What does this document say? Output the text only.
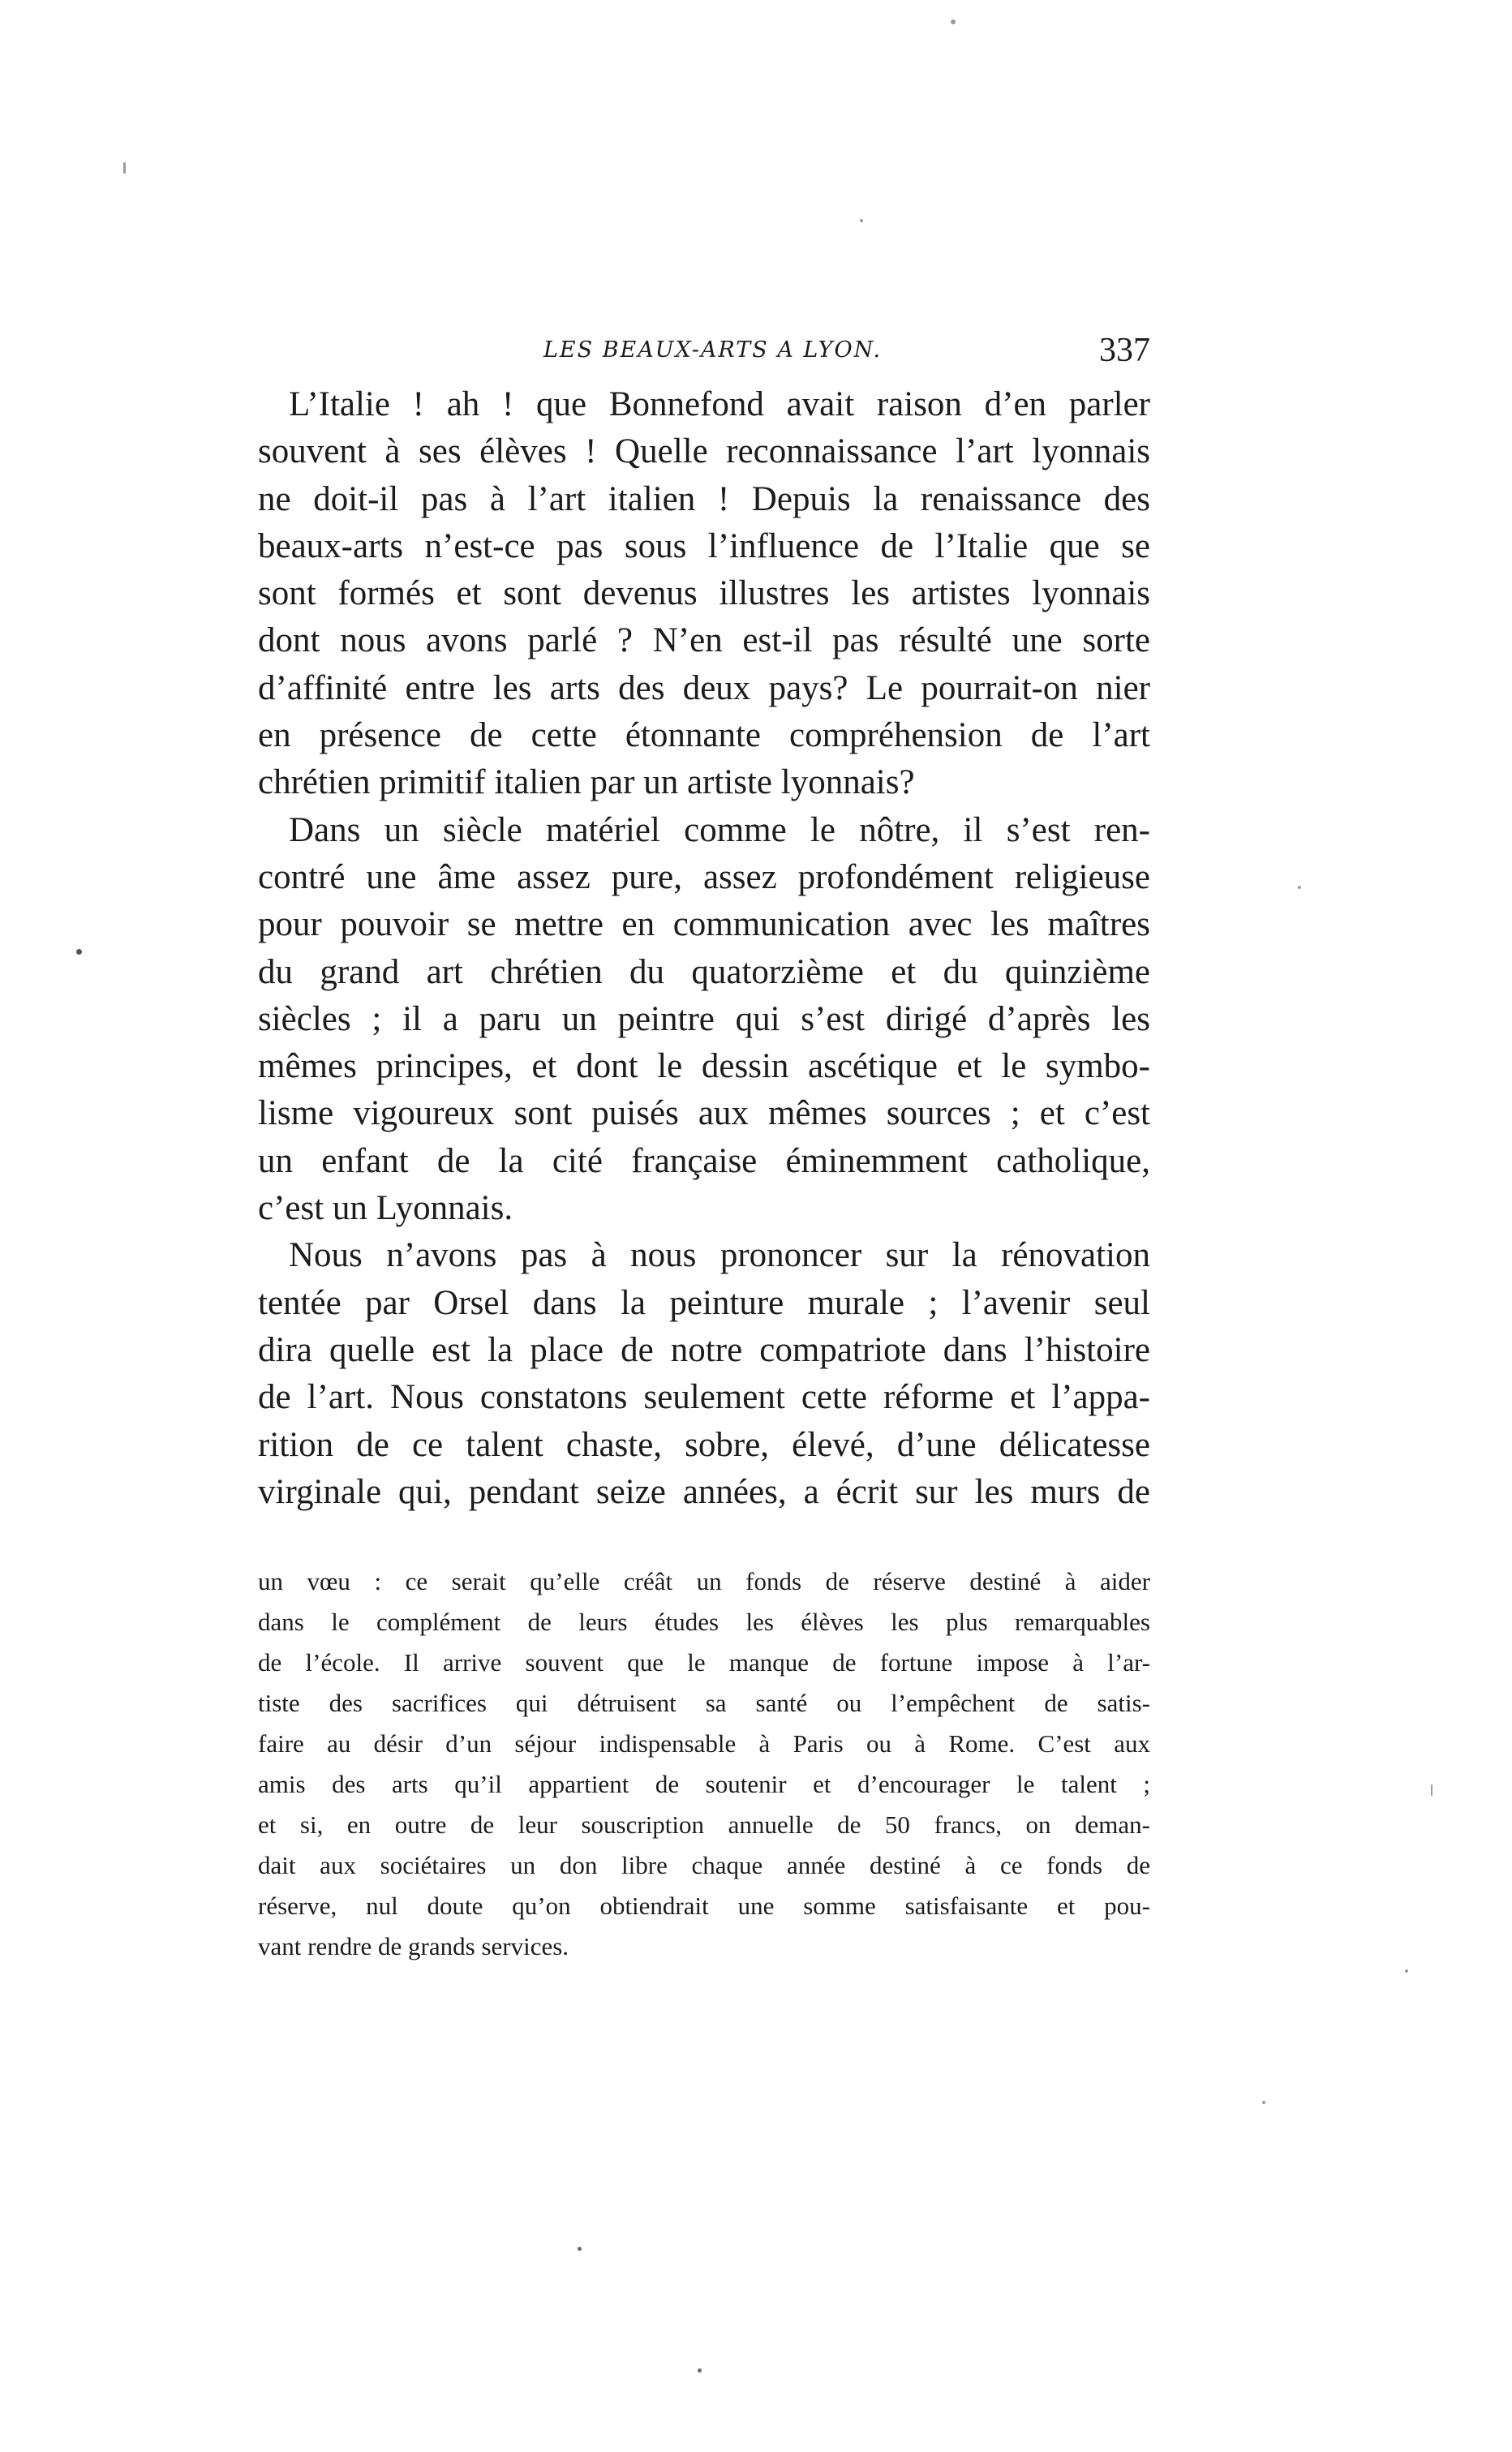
LES BEAUX-ARTS A LYON.	337
L’Italie ! ah ! que Bonnefond avait raison d’en parler
souvent à ses élèves ! Quelle reconnaissance l’art lyonnais
ne doit-il pas à l’art italien ! Depuis la renaissance des
beaux-arts n’est-ce pas sous l’influence de l’Italie que se
sont formés et sont devenus illustres les artistes lyonnais
dont nous avons parlé ? N’en est-il pas résulté une sorte
d’affinité entre les arts des deux pays? Le pourrait-on nier
en présence de cette étonnante compréhension de l’art
chrétien primitif italien par un artiste lyonnais?
Dans un siècle matériel comme le nôtre, il s’est ren-
contré une âme assez pure, assez profondément religieuse
pour pouvoir se mettre en communication avec les maîtres
du grand art chrétien du quatorzième et du quinzième
siècles ; il a paru un peintre qui s’est dirigé d’après les
mêmes principes, et dont le dessin ascétique et le symbo-
lisme vigoureux sont puisés aux mêmes sources ; et c’est
un enfant de la cité française éminemment catholique,
c’est un Lyonnais.
Nous n’avons pas à nous prononcer sur la rénovation
tentée par Orsel dans la peinture murale ; l’avenir seul
dira quelle est la place de notre compatriote dans l’histoire
de l’art. Nous constatons seulement cette réforme et l’appa-
rition de ce talent chaste, sobre, élevé, d’une délicatesse
virginale qui, pendant seize années, a écrit sur les murs de
un vœu : ce serait qu’elle créât un fonds de réserve destiné à aider
dans le complément de leurs études les élèves les plus remarquables
de l’école. Il arrive souvent que le manque de fortune impose à l’ar-
tiste des sacrifices qui détruisent sa santé ou l’empêchent de satis-
faire au désir d’un séjour indispensable à Paris ou à Rome. C’est aux
amis des arts qu’il appartient de soutenir et d’encourager le talent ;
et si, en outre de leur souscription annuelle de 50 francs, on deman-
dait aux sociétaires un don libre chaque année destiné à ce fonds de
réserve, nul doute qu’on obtiendrait une somme satisfaisante et pou-
vant rendre de grands services.
